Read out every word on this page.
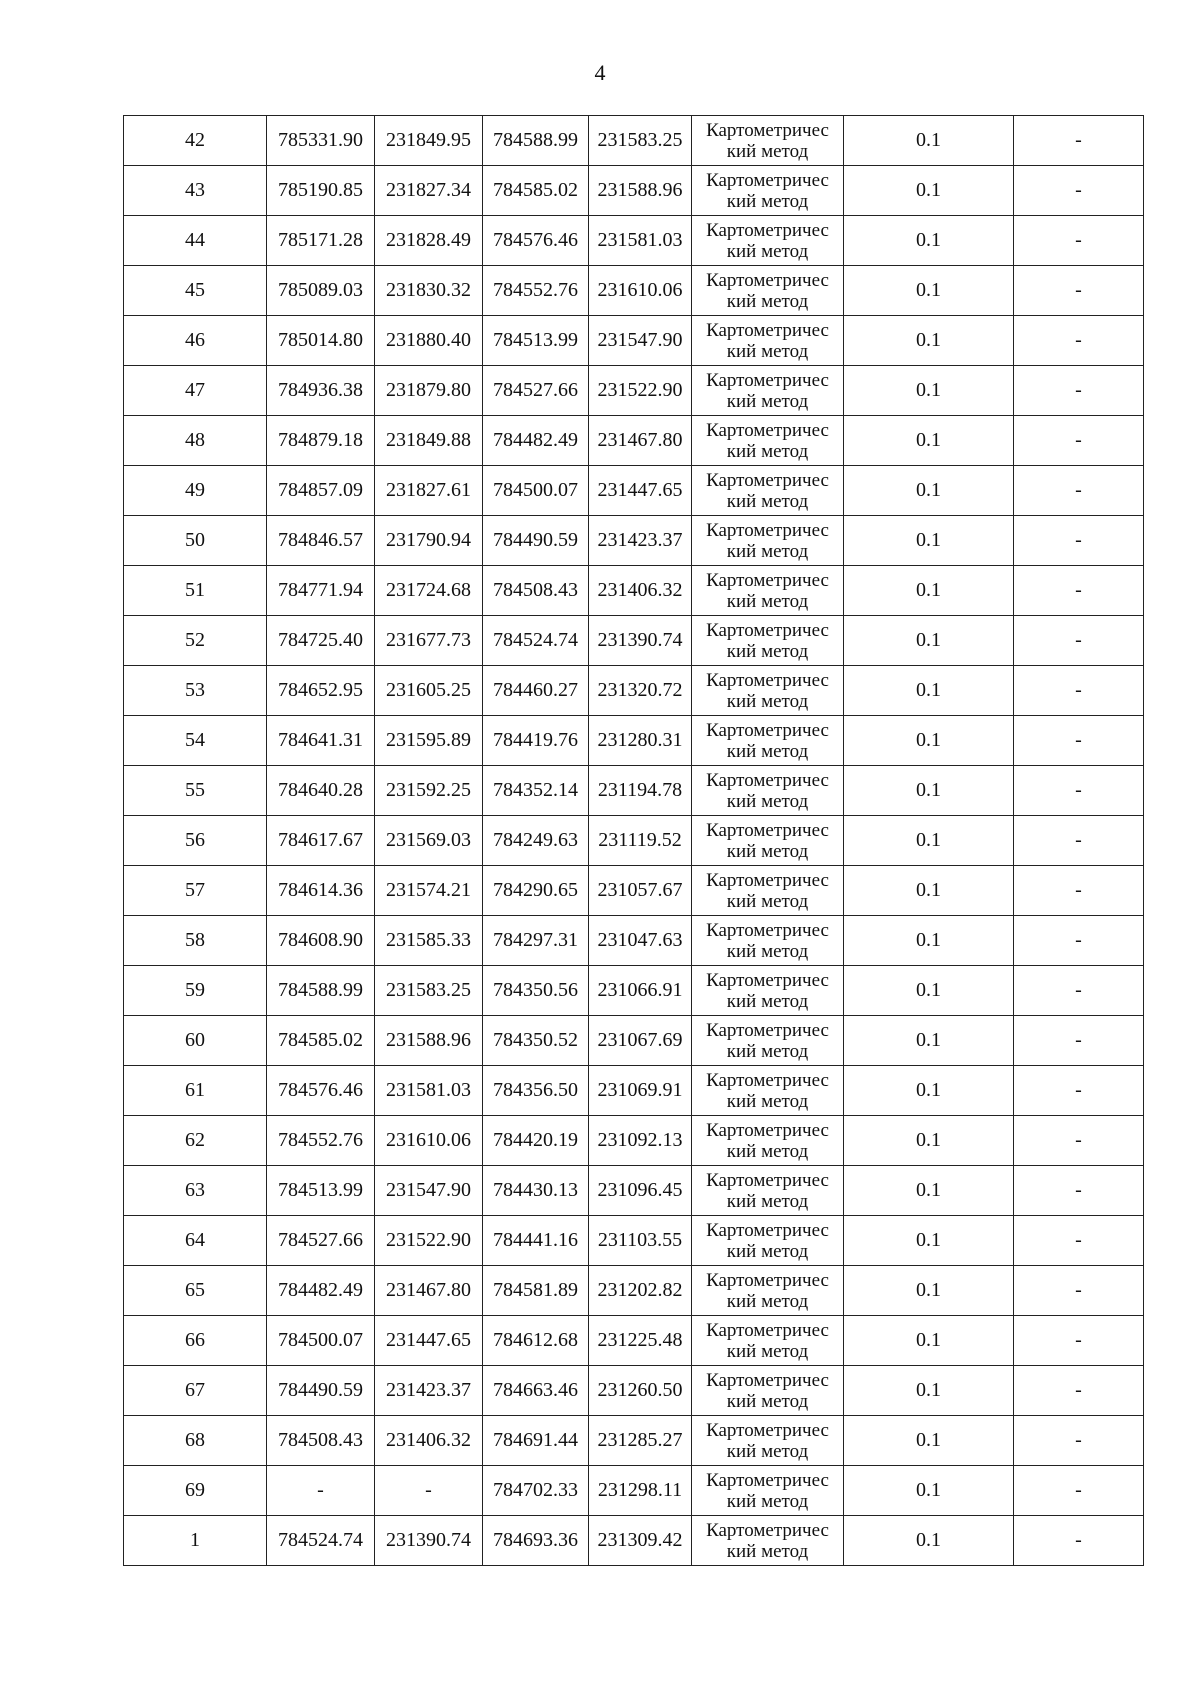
4
42	785331.90	231849.95	784588.99	231583.25	Картометричес
кий метод	0.1	-
43	785190.85	231827.34	784585.02	231588.96	Картометричес
кий метод	0.1	-
44	785171.28	231828.49	784576.46	231581.03	Картометричес
кий метод	0.1	-
45	785089.03	231830.32	784552.76	231610.06	Картометричес
кий метод	0.1	-
46	785014.80	231880.40	784513.99	231547.90	Картометричес
кий метод	0.1	-
47	784936.38	231879.80	784527.66	231522.90	Картометричес
кий метод	0.1	-
48	784879.18	231849.88	784482.49	231467.80	Картометричес
кий метод	0.1	-
49	784857.09	231827.61	784500.07	231447.65	Картометричес
кий метод	0.1	-
50	784846.57	231790.94	784490.59	231423.37	Картометричес
кий метод	0.1	-
51	784771.94	231724.68	784508.43	231406.32	Картометричес
кий метод	0.1	-
52	784725.40	231677.73	784524.74	231390.74	Картометричес
кий метод	0.1	-
53	784652.95	231605.25	784460.27	231320.72	Картометричес
кий метод	0.1	-
54	784641.31	231595.89	784419.76	231280.31	Картометричес
кий метод	0.1	-
55	784640.28	231592.25	784352.14	231194.78	Картометричес
кий метод	0.1	-
56	784617.67	231569.03	784249.63	231119.52	Картометричес
кий метод	0.1	-
57	784614.36	231574.21	784290.65	231057.67	Картометричес
кий метод	0.1	-
58	784608.90	231585.33	784297.31	231047.63	Картометричес
кий метод	0.1	-
59	784588.99	231583.25	784350.56	231066.91	Картометричес
кий метод	0.1	-
60	784585.02	231588.96	784350.52	231067.69	Картометричес
кий метод	0.1	-
61	784576.46	231581.03	784356.50	231069.91	Картометричес
кий метод	0.1	-
62	784552.76	231610.06	784420.19	231092.13	Картометричес
кий метод	0.1	-
63	784513.99	231547.90	784430.13	231096.45	Картометричес
кий метод	0.1	-
64	784527.66	231522.90	784441.16	231103.55	Картометричес
кий метод	0.1	-
65	784482.49	231467.80	784581.89	231202.82	Картометричес
кий метод	0.1	-
66	784500.07	231447.65	784612.68	231225.48	Картометричес
кий метод	0.1	-
67	784490.59	231423.37	784663.46	231260.50	Картометричес
кий метод	0.1	-
68	784508.43	231406.32	784691.44	231285.27	Картометричес
кий метод	0.1	-
69	-	-	784702.33	231298.11	Картометричес
кий метод	0.1	-
1	784524.74	231390.74	784693.36	231309.42	Картометричес
кий метод	0.1	-
